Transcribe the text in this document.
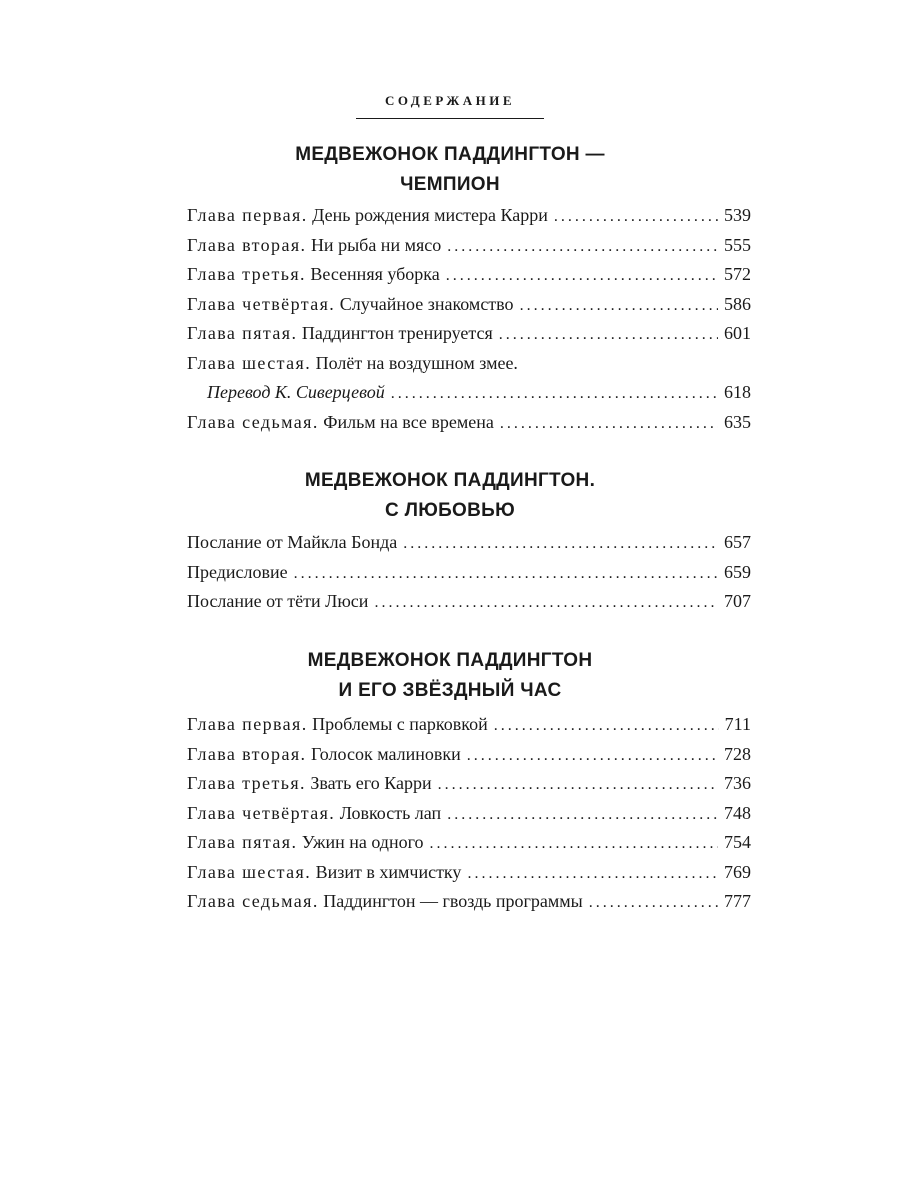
СОДЕРЖАНИЕ
МЕДВЕЖОНОК ПАДДИНГТОН —
ЧЕМПИОН
Глава первая. День рождения мистера Карри . . .	539
Глава вторая. Ни рыба ни мясо . . .	555
Глава третья. Весенняя уборка . . .	572
Глава четвёртая. Случайное знакомство . . .	586
Глава пятая. Паддингтон тренируется . . .	601
Глава шестая. Полёт на воздушном змее.
Перевод К. Сиверцевой . . .	618
Глава седьмая. Фильм на все времена . . .	635
МЕДВЕЖОНОК ПАДДИНГТОН.
С ЛЮБОВЬЮ
Послание от Майкла Бонда . . .	657
Предисловие . . .	659
Послание от тёти Люси . . .	707
МЕДВЕЖОНОК ПАДДИНГТОН
И ЕГО ЗВЁЗДНЫЙ ЧАС
Глава первая. Проблемы с парковкой . . .	711
Глава вторая. Голосок малиновки . . .	728
Глава третья. Звать его Карри . . .	736
Глава четвёртая. Ловкость лап . . .	748
Глава пятая. Ужин на одного . . .	754
Глава шестая. Визит в химчистку . . .	769
Глава седьмая. Паддингтон — гвоздь программы . . .	777
